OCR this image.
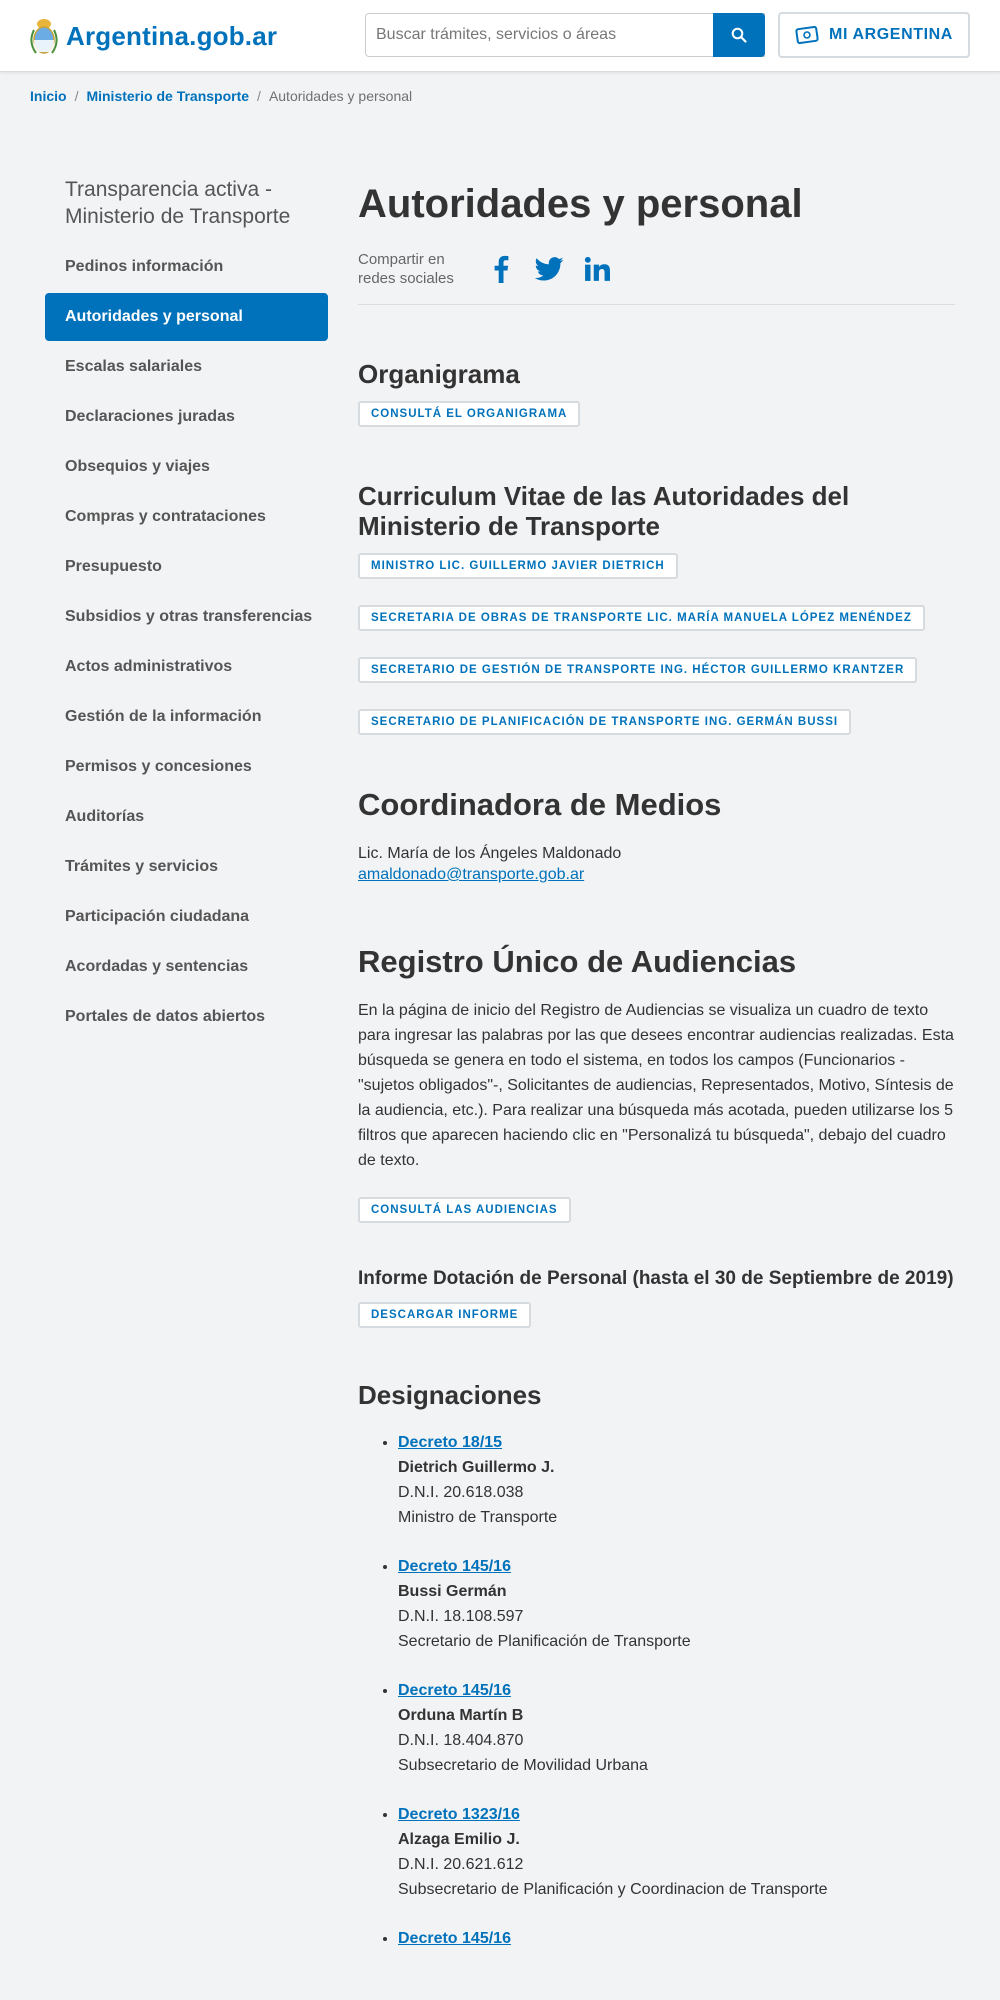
Argentina.gob.ar
Buscar trámites, servicios o áreas	MI ARGENTINA
Inicio / Ministerio de Transporte / Autoridades y personal
Transparencia activa - Ministerio de Transporte
Pedinos información
Autoridades y personal
Escalas salariales
Declaraciones juradas
Obsequios y viajes
Compras y contrataciones
Presupuesto
Subsidios y otras transferencias
Actos administrativos
Gestión de la información
Permisos y concesiones
Auditorías
Trámites y servicios
Participación ciudadana
Acordadas y sentencias
Portales de datos abiertos
Autoridades y personal
Compartir en redes sociales
Organigrama
CONSULTÁ EL ORGANIGRAMA
Curriculum Vitae de las Autoridades del Ministerio de Transporte
MINISTRO LIC. GUILLERMO JAVIER DIETRICH
SECRETARIA DE OBRAS DE TRANSPORTE LIC. MARÍA MANUELA LÓPEZ MENÉNDEZ
SECRETARIO DE GESTIÓN DE TRANSPORTE ING. HÉCTOR GUILLERMO KRANTZER
SECRETARIO DE PLANIFICACIÓN DE TRANSPORTE ING. GERMÁN BUSSI
Coordinadora de Medios

Lic. María de los Ángeles Maldonado

amaldonado@transporte.gob.ar
Registro Único de Audiencias

En la página de inicio del Registro de Audiencias se visualiza un cuadro de texto para ingresar las palabras por las que desees encontrar audiencias realizadas. Esta búsqueda se genera en todo el sistema, en todos los campos (Funcionarios -"sujetos obligados"-, Solicitantes de audiencias, Representados, Motivo, Síntesis de la audiencia, etc.). Para realizar una búsqueda más acotada, pueden utilizarse los 5 filtros que aparecen haciendo clic en "Personalizá tu búsqueda", debajo del cuadro de texto.

CONSULTÁ LAS AUDIENCIAS
Informe Dotación de Personal (hasta el 30 de Septiembre de 2019)
DESCARGAR INFORME
Designaciones
• Decreto 18/15
Dietrich Guillermo J.
D.N.I. 20.618.038
Ministro de Transporte
• Decreto 145/16
Bussi Germán
D.N.I. 18.108.597
Secretario de Planificación de Transporte
• Decreto 145/16
Orduna Martín B
D.N.I. 18.404.870
Subsecretario de Movilidad Urbana
• Decreto 1323/16
Alzaga Emilio J.
D.N.I. 20.621.612
Subsecretario de Planificación y Coordinacion de Transporte
• Decreto 145/16
